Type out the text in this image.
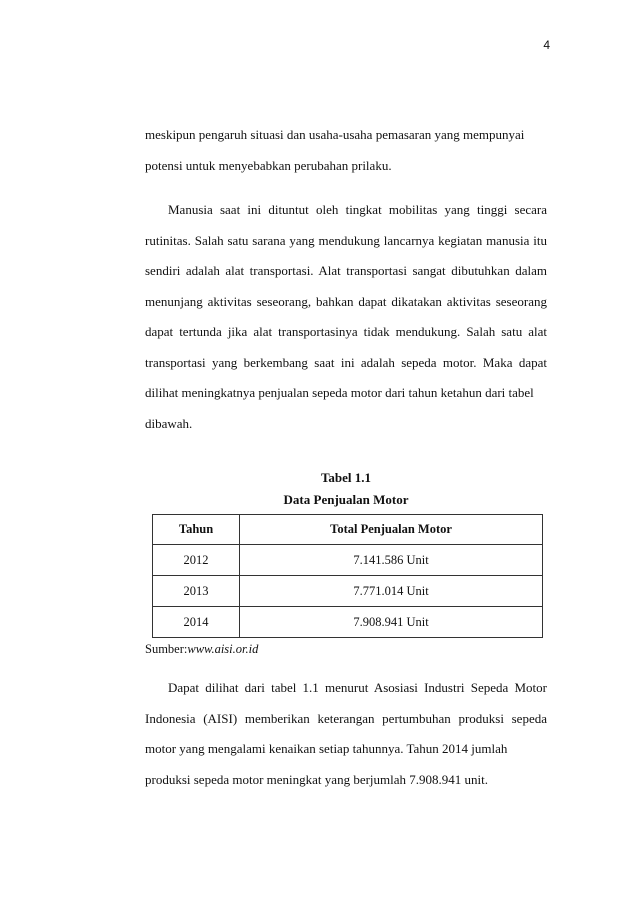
4

meskipun pengaruh situasi dan usaha-usaha pemasaran yang mempunyai
potensi untuk menyebabkan perubahan prilaku.

Manusia saat ini dituntut oleh tingkat mobilitas yang tinggi secara rutinitas. Salah satu sarana yang mendukung lancarnya kegiatan manusia itu sendiri adalah alat transportasi. Alat transportasi sangat dibutuhkan dalam menunjang aktivitas seseorang, bahkan dapat dikatakan aktivitas seseorang dapat tertunda jika alat transportasinya tidak mendukung. Salah satu alat transportasi yang berkembang saat ini adalah sepeda motor. Maka dapat dilihat meningkatnya penjualan sepeda motor dari tahun ketahun dari tabel
dibawah.

Tabel 1.1

Data Penjualan Motor

Tahun	Total Penjualan Motor
2012	7.141.586 Unit
2013	7.771.014 Unit
2014	7.908.941 Unit

Sumber:www.aisi.or.id

Dapat dilihat dari tabel 1.1 menurut Asosiasi Industri Sepeda Motor Indonesia (AISI) memberikan keterangan pertumbuhan produksi sepeda motor yang mengalami kenaikan setiap tahunnya. Tahun 2014 jumlah
produksi sepeda motor meningkat yang berjumlah 7.908.941 unit.
